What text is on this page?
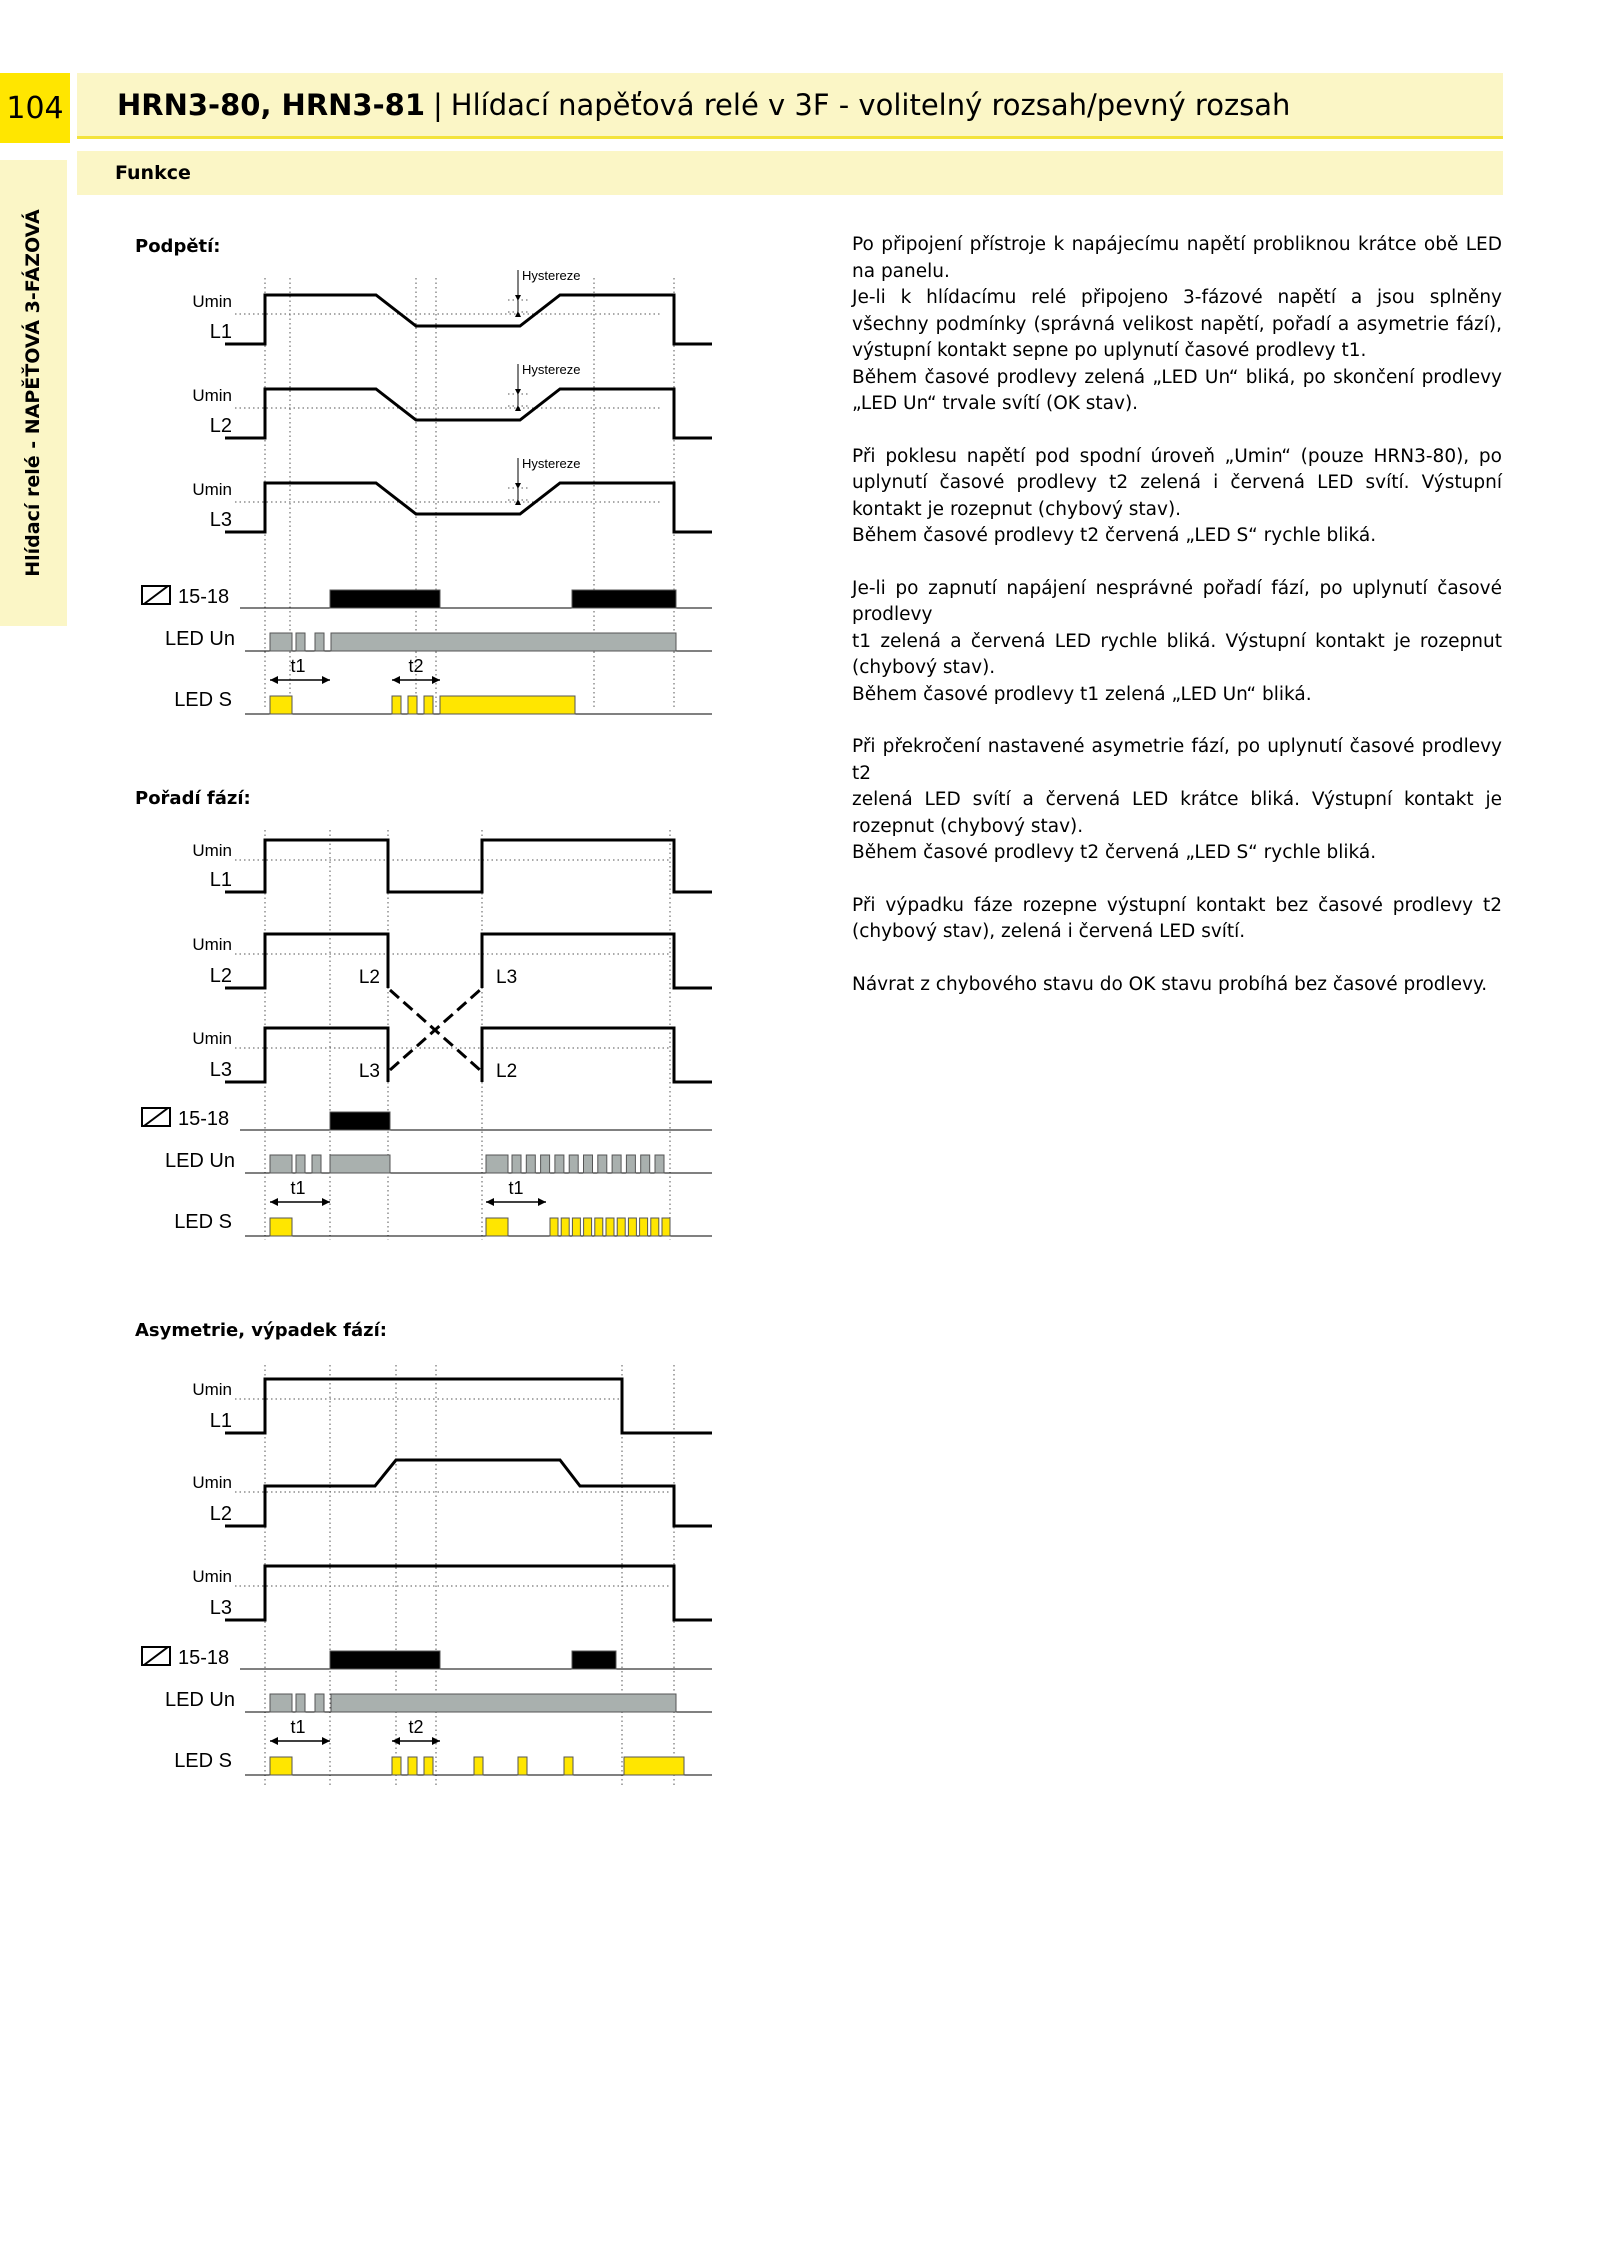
104 HRN3-80, HRN3-81 | Hlídací napěťová relé v 3F - volitelný rozsah/pevný rozsah
Funkce
Hlídací relé - NAPĚŤOVÁ 3-FÁZOVÁ	Podpětí:
Pořadí fází:
Asymetrie, výpadek fází:
Umin
L1
Hystereze
Umin
L2
Hystereze
Umin
L3
Hystereze
15-18
LED Un
t1	t2
LED S
Umin
L1
Umin
L2	L2	L3
Umin
L3	L3	L2
15-18
LED Un
t1	t1
LED S
Umin
L1
Umin
L2
Umin
L3
15-18
LED Un
t1	t2
LED S

Po připojení přístroje k napájecímu napětí probliknou krátce obě LED na panelu.

Je-li k hlídacímu relé připojeno 3-fázové napětí a jsou splněny všechny podmínky (správná velikost napětí, pořadí a asymetrie fází), výstupní kontakt sepne po uplynutí časové prodlevy t1.

Během časové prodlevy zelená „LED Un“ bliká, po skončení prodlevy „LED Un“ trvale svítí (OK stav).

Při poklesu napětí pod spodní úroveň „Umin“ (pouze HRN3-80), po uplynutí časové prodlevy t2 zelená i červená LED svítí. Výstupní kontakt je rozepnut (chybový stav).

Během časové prodlevy t2 červená „LED S“ rychle bliká.

Je-li po zapnutí napájení nesprávné pořadí fází, po uplynutí časové prodlevy

t1 zelená a červená LED rychle bliká. Výstupní kontakt je rozepnut (chybový stav).

Během časové prodlevy t1 zelená „LED Un“ bliká.

Při překročení nastavené asymetrie fází, po uplynutí časové prodlevy t2

zelená LED svítí a červená LED krátce bliká. Výstupní kontakt je rozepnut (chybový stav).

Během časové prodlevy t2 červená „LED S“ rychle bliká.

Při výpadku fáze rozepne výstupní kontakt bez časové prodlevy t2 (chybový stav), zelená i červená LED svítí.

Návrat z chybového stavu do OK stavu probíhá bez časové prodlevy.
